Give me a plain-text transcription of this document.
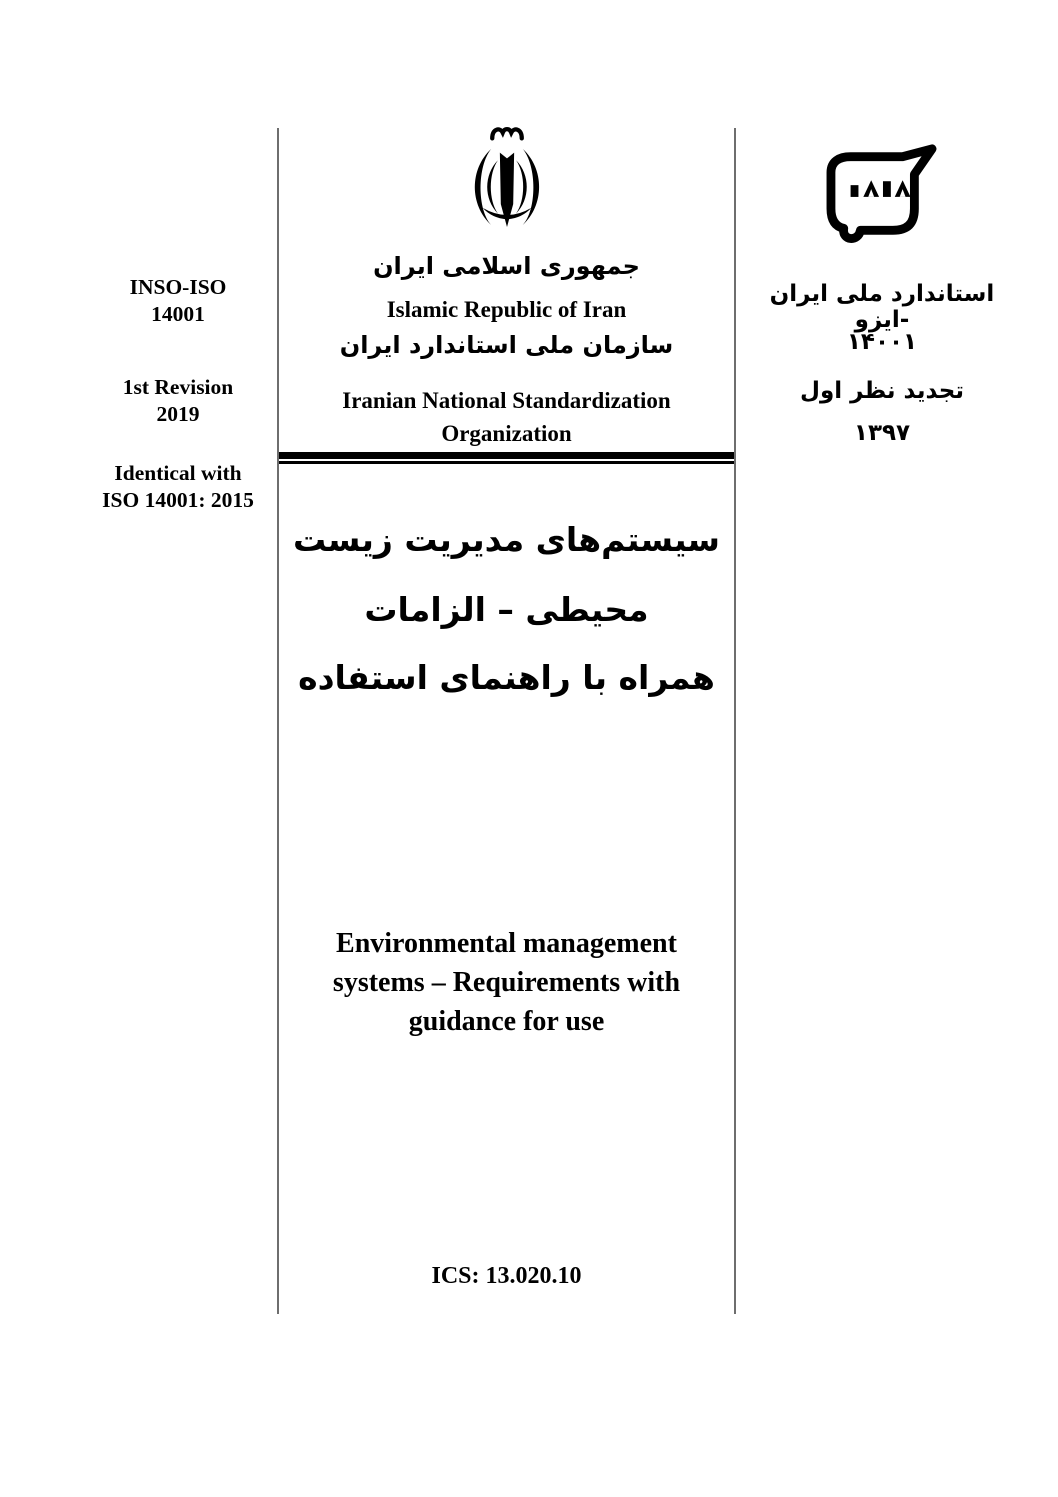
INSO-ISO
14001
1st Revision
2019
Identical with
ISO 14001: 2015
جمهوری اسلامی ایران
Islamic Republic of Iran
سازمان ملی استاندارد ایران
Iranian National Standardization
Organization
سیستم‌های مدیریت زیست
محیطی – الزامات
همراه با راهنمای استفاده
Environmental management
systems – Requirements with
guidance for use
ICS: 13.020.10
استاندارد ملی ایران -ایزو
۱۴۰۰۱
تجدید نظر اول
۱۳۹۷
